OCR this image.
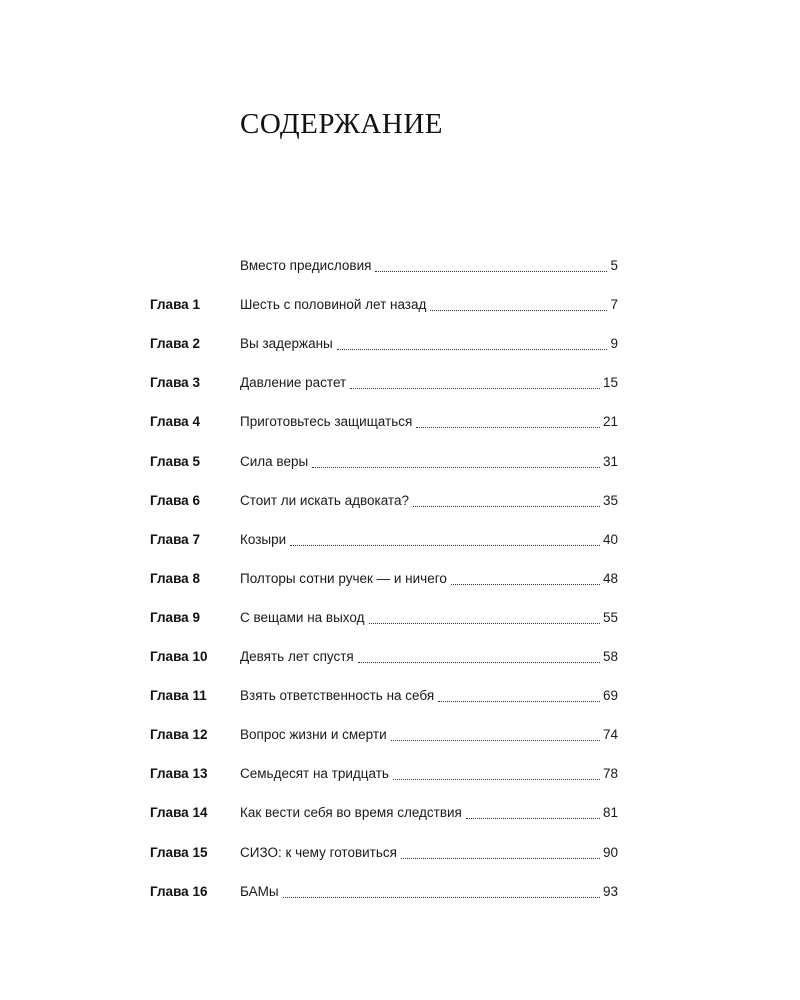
СОДЕРЖАНИЕ
Вместо предисловия	5
Глава 1	Шесть с половиной лет назад	7
Глава 2	Вы задержаны	9
Глава 3	Давление растет	15
Глава 4	Приготовьтесь защищаться	21
Глава 5	Сила веры	31
Глава 6	Стоит ли искать адвоката?	35
Глава 7	Козыри	40
Глава 8	Полторы сотни ручек — и ничего	48
Глава 9	С вещами на выход	55
Глава 10 Девять лет спустя	58
Глава 11 Взять ответственность на себя	69
Глава 12 Вопрос жизни и смерти	74
Глава 13 Семьдесят на тридцать	78
Глава 14 Как вести себя во время следствия	81
Глава 15 СИЗО: к чему готовиться	90
Глава 16 БАМы	93
